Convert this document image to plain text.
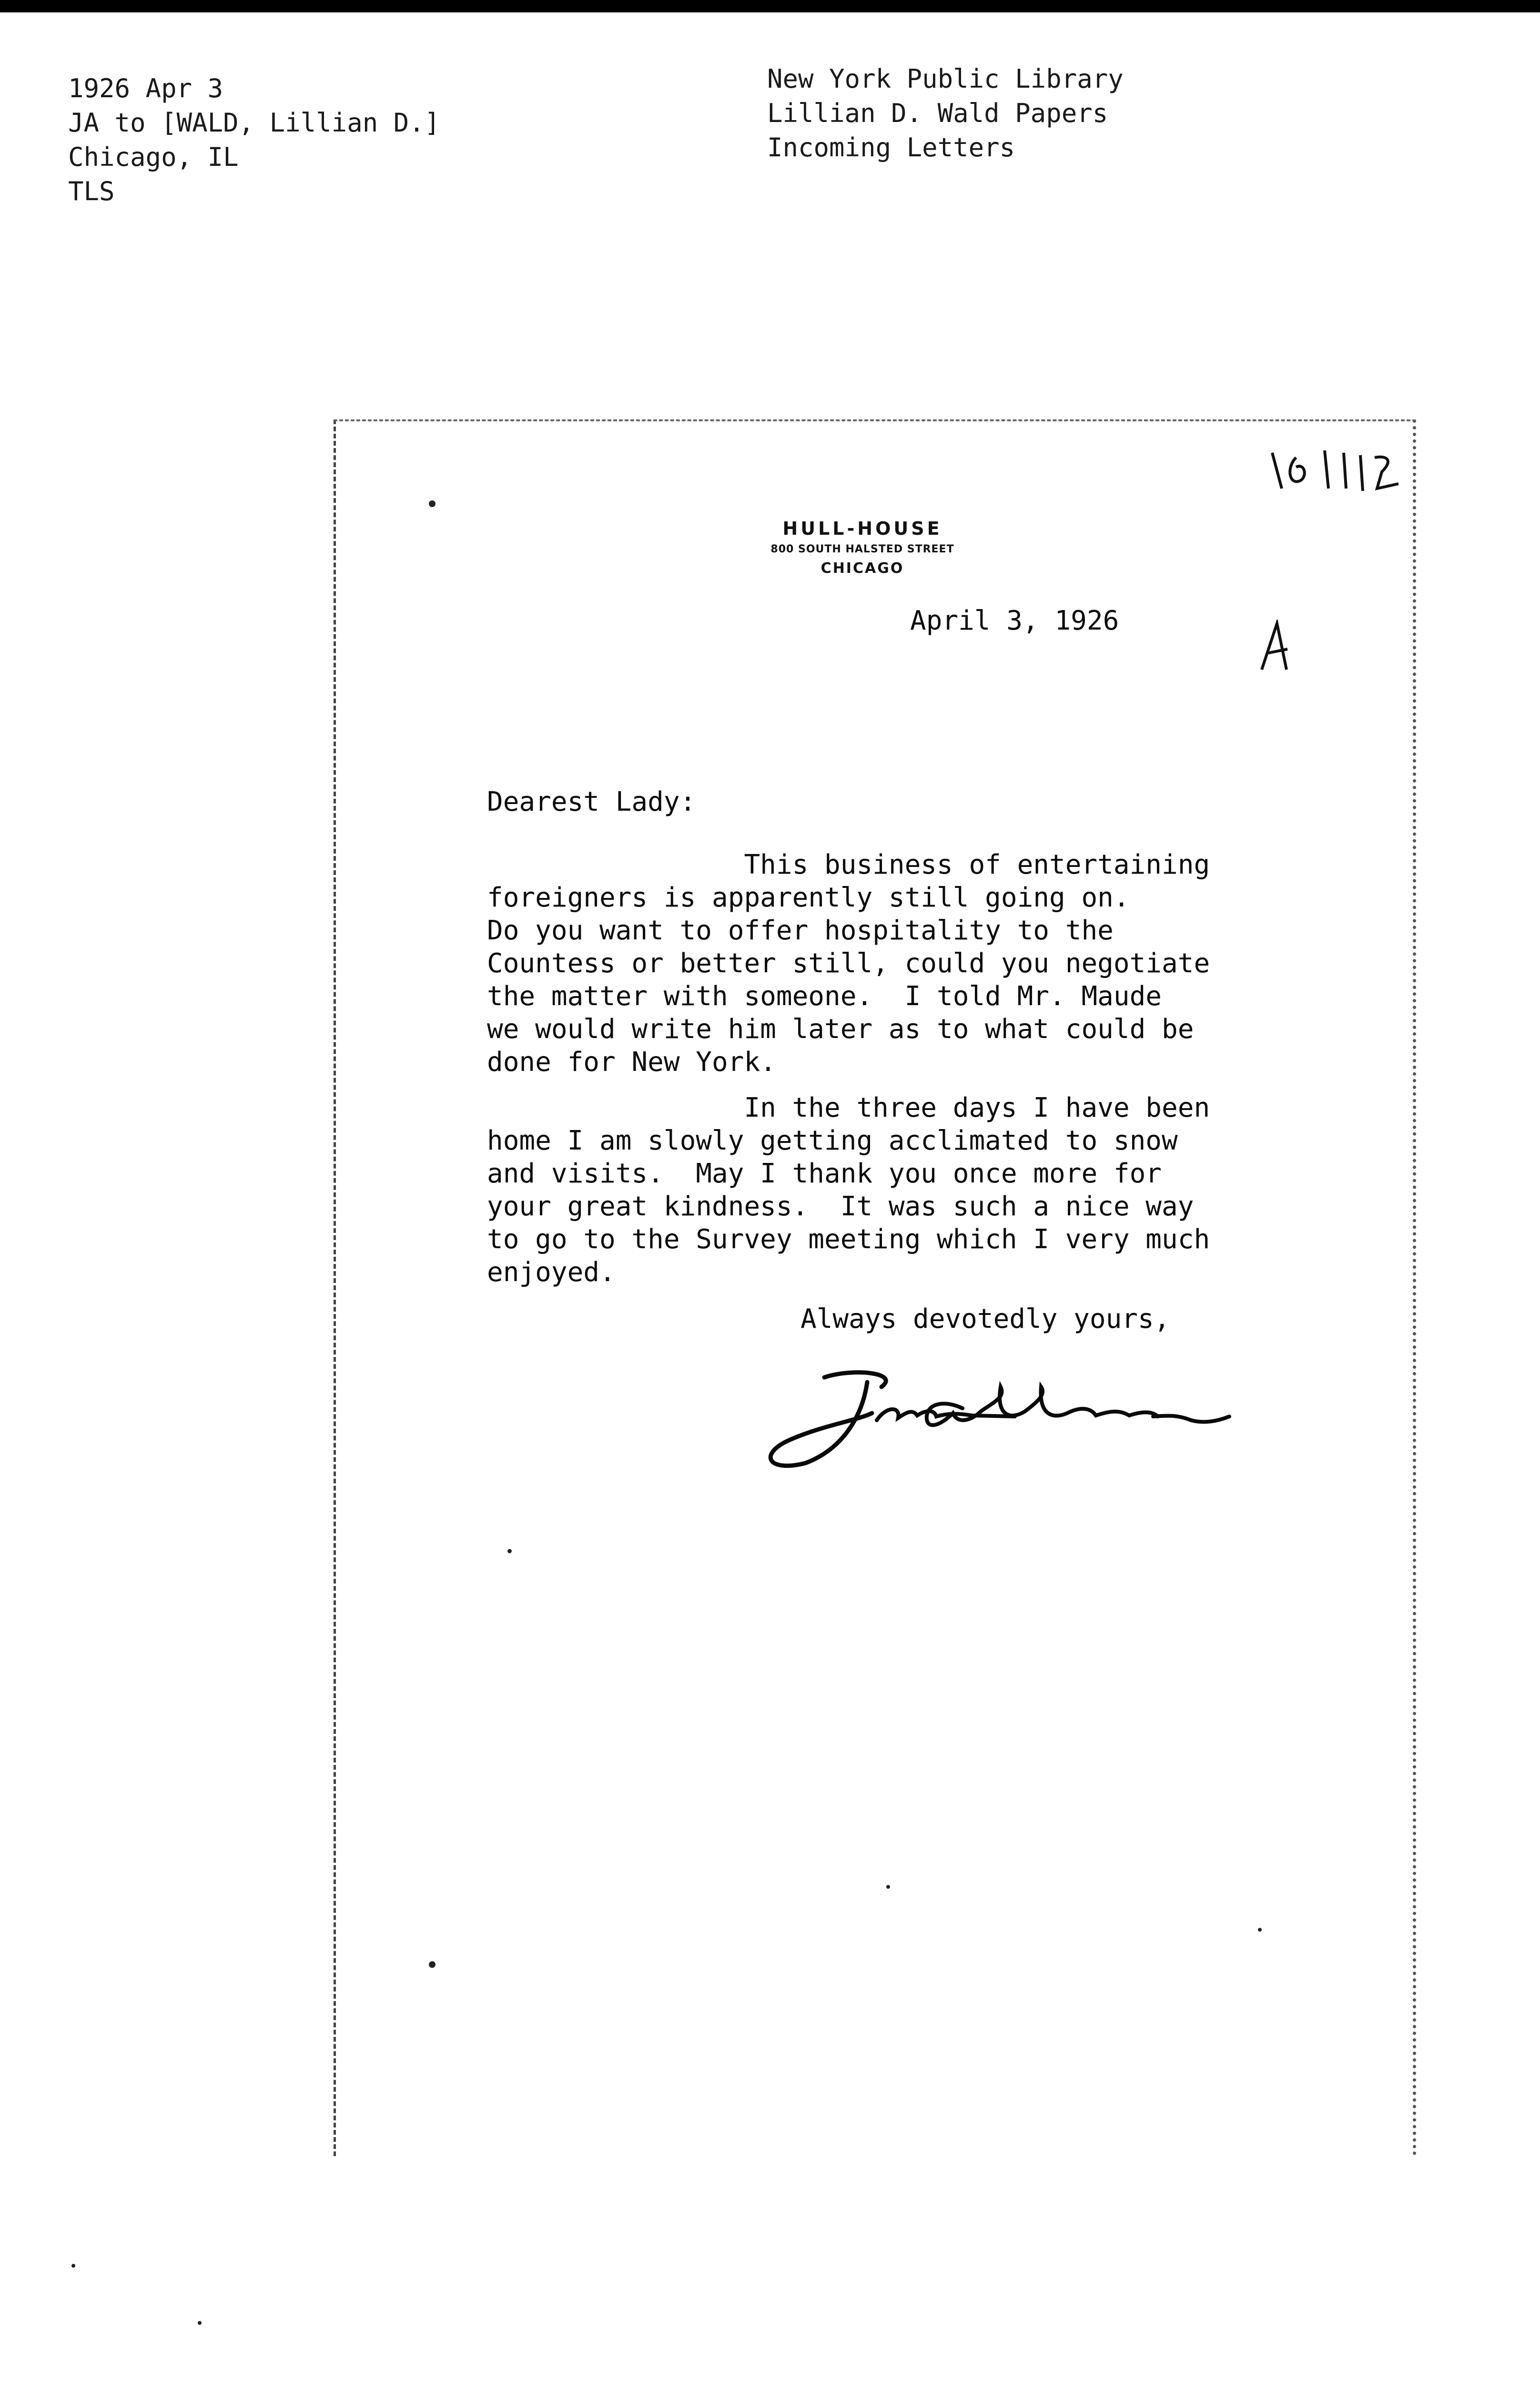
1926 Apr 3
JA to [WALD, Lillian D.]
Chicago, IL
TLS
New York Public Library
Lillian D. Wald Papers
Incoming Letters
HULL-HOUSE
800 SOUTH HALSTED STREET
CHICAGO
April 3, 1926
Dearest Lady:
This business of entertaining
foreigners is apparently still going on.
Do you want to offer hospitality to the
Countess or better still, could you negotiate
the matter with someone.  I told Mr. Maude
we would write him later as to what could be
done for New York.
In the three days I have been
home I am slowly getting acclimated to snow
and visits.  May I thank you once more for
your great kindness.  It was such a nice way
to go to the Survey meeting which I very much
enjoyed.
Always devotedly yours,
